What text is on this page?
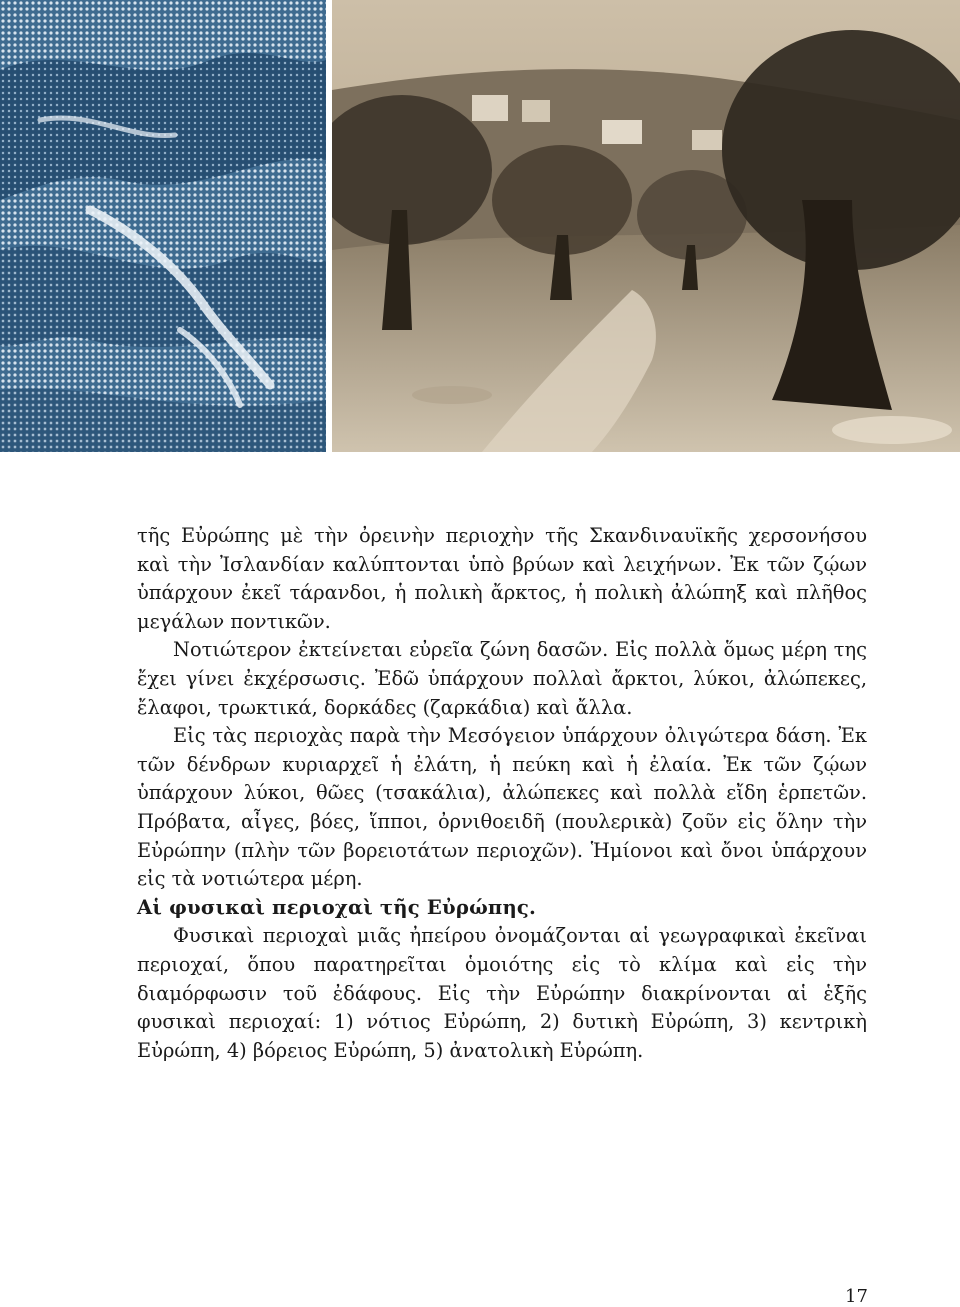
τῆς Εὐρώπης μὲ τὴν ὀρεινὴν περιοχὴν τῆς Σκανδιναυϊκῆς χερσονήσου καὶ τὴν Ἰσλανδίαν καλύπτονται ὑπὸ βρύων καὶ λειχήνων. Ἐκ τῶν ζῴων ὑπάρχουν ἐκεῖ τάρανδοι, ἡ πολικὴ ἄρκτος, ἡ πολικὴ ἀλώπηξ καὶ πλῆθος μεγάλων ποντικῶν.

Νοτιώτερον ἐκτείνεται εὐρεῖα ζώνη δασῶν. Εἰς πολλὰ ὅμως μέρη της ἔχει γίνει ἐκχέρσωσις. Ἐδῶ ὑπάρχουν πολλαὶ ἄρκτοι, λύκοι, ἀλώπεκες, ἔλαφοι, τρωκτικά, δορκάδες (ζαρκάδια) καὶ ἄλλα.

Εἰς τὰς περιοχὰς παρὰ τὴν Μεσόγειον ὑπάρχουν ὀλιγώτερα δάση. Ἐκ τῶν δένδρων κυριαρχεῖ ἡ ἐλάτη, ἡ πεύκη καὶ ἡ ἐλαία. Ἐκ τῶν ζῴων ὑπάρχουν λύκοι, θῶες (τσακάλια), ἀλώπεκες καὶ πολλὰ εἴδη ἑρπετῶν. Πρόβατα, αἶγες, βόες, ἵπποι, ὀρνιθοειδῆ (πουλερικὰ) ζοῦν εἰς ὅλην τὴν Εὐρώπην (πλὴν τῶν βορειοτάτων περιοχῶν). Ἡμίονοι καὶ ὄνοι ὑπάρχουν εἰς τὰ νοτιώτερα μέρη.

Αἱ φυσικαὶ περιοχαὶ τῆς Εὐρώπης.

Φυσικαὶ περιοχαὶ μιᾶς ἠπείρου ὀνομάζονται αἱ γεωγραφικαὶ ἐκεῖναι περιοχαί, ὅπου παρατηρεῖται ὁμοιότης εἰς τὸ κλίμα καὶ εἰς τὴν διαμόρφωσιν τοῦ ἐδάφους. Εἰς τὴν Εὐρώπην διακρίνονται αἱ ἑξῆς φυσικαὶ περιοχαί: 1) νότιος Εὐρώπη, 2) δυτικὴ Εὐρώπη, 3) κεντρικὴ Εὐρώπη, 4) βόρειος Εὐρώπη, 5) ἀνατολικὴ Εὐρώπη.

17
